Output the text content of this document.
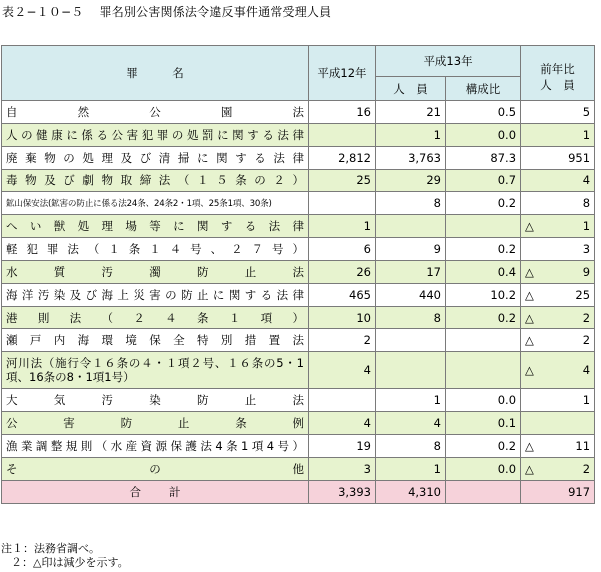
表２−１０−５ 罪名別公害関係法令違反事件通常受理人員
罪　　　名	平成12年	平成13年		前年比
		人　員	構成比	人　員
自然公園法	16	21	0.5	5

人の健康に係る公害犯罪の処罰に関する法律		1	0.0	1

廃棄物の処理及び清掃に関する法律	2,812	3,763	87.3	951

毒物及び劇物取締法（１５条の２）	25	29	0.7	4

鉱山保安法(鉱害の防止に係る法24条、24条2・1項、25条1項、30条)		8	0.2	8

へい獣処理場等に関する法律	1			△ 1

軽犯罪法（１条１４号、２７号）	6	9	0.2	3

水質汚濁防止法	26	17	0.4	△ 9

海洋汚染及び海上災害の防止に関する法律	465	440	10.2	△ 25

港則法（２４条１項）	10	8	0.2	△ 2

瀬戸内海環境保全特別措置法	2			△ 2

河川法（施行令１６条の４・１項２号、１６条の5・1項、16条の8・1項1号）	4			△ 4

大気汚染防止法		1	0.0	1

公害防止条例	4	4	0.1	

漁業調整規則（水産資源保護法4条1項4号）	19	8	0.2	△ 11

その他	3	1	0.0	△ 2

合計	3,393	4,310		917
注１：法務省調べ。
２：△印は減少を示す。
